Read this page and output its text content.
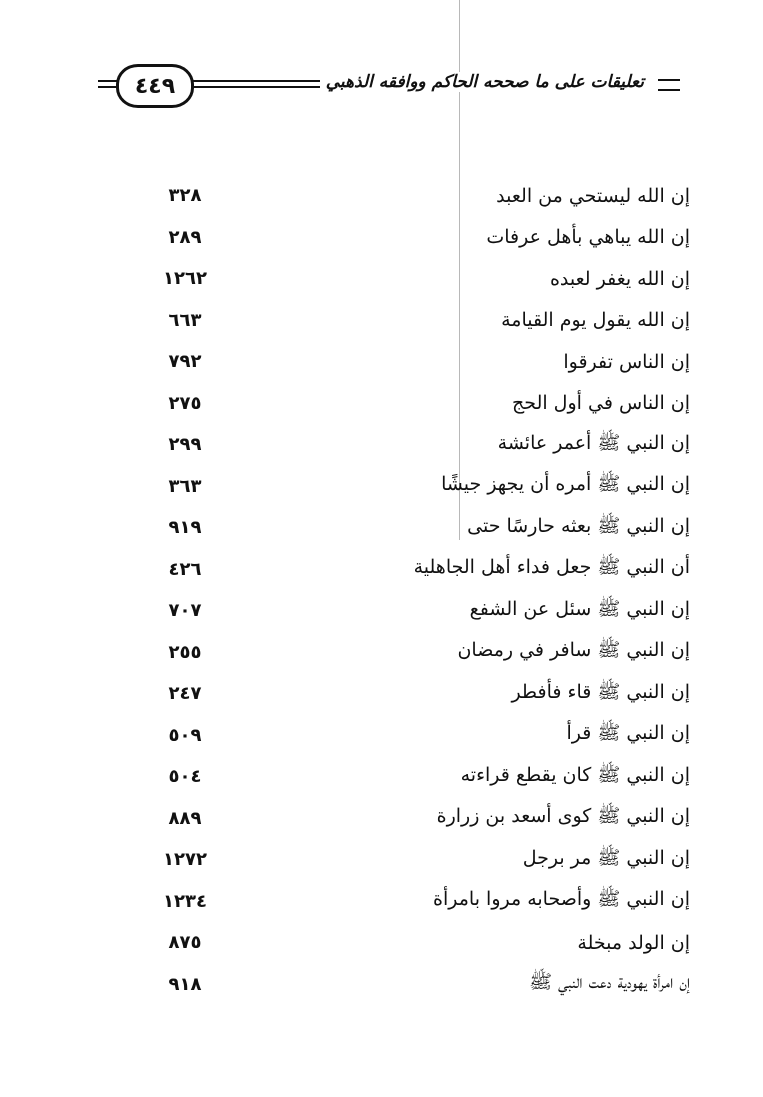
٤٤٩	تعليقات على ما صححه الحاكم ووافقه الذهبي
إن الله ليستحي من العبد
٣٢٨
إن الله يباهي بأهل عرفات
٢٨٩
إن الله يغفر لعبده
١٢٦٢
إن الله يقول يوم القيامة
٦٦٣
إن الناس تفرقوا
٧٩٢
إن الناس في أول الحج
٢٧٥
إن النبي ﷺ أعمر عائشة
٢٩٩
إن النبي ﷺ أمره أن يجهز جيشًا
٣٦٣
إن النبي ﷺ بعثه حارسًا حتى
٩١٩
أن النبي ﷺ جعل فداء أهل الجاهلية
٤٢٦
إن النبي ﷺ سئل عن الشفع
٧٠٧
إن النبي ﷺ سافر في رمضان
٢٥٥
إن النبي ﷺ قاء فأفطر
٢٤٧
إن النبي ﷺ قرأ
٥٠٩
إن النبي ﷺ كان يقطع قراءته
٥٠٤
إن النبي ﷺ كوى أسعد بن زرارة
٨٨٩
إن النبي ﷺ مر برجل
١٢٧٢
إن النبي ﷺ وأصحابه مروا بامرأة
١٢٣٤
إن الولد مبخلة
٨٧٥
إن امرأة يهودية دعت النبي ﷺ
٩١٨
